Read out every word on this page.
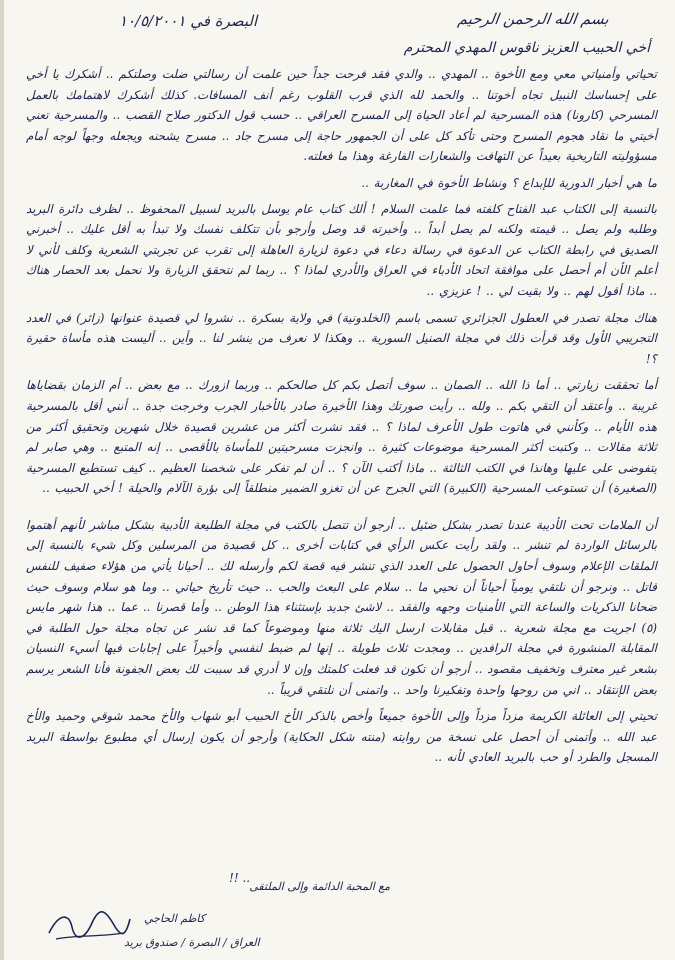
البصرة في ١٠/٥/٢٠٠١	بسم الله الرحمن الرحيم
أخي الحبيب العزيز ناقوس المهدي المحترم

تحياتي وأمنياتي معي ومع الأخوة .. المهدي .. والدي فقد فرحت جداً حين علمت أن رسالتي ضلت وصلتكم .. أشكرك يا أخي على إحساسك النبيل تجاه أخوتنا .. والحمد لله الذي قرب القلوب رغم أنف المسافات. كذلك أشكرك لاهتمامك بالعمل المسرحي (كارونا) هذه المسرحية لم أعاد الحياة إلى المسرح العراقي .. حسب قول الدكتور صلاح القصب .. والمسرحية تعني أخيتي ما نقاد هجوم المسرح وحتى تأكد كل على أن الجمهور حاجة إلى مسرح جاد .. مسرح يشحنه ويجعله وجهاً لوجه أمام مسؤوليته التاريخية بعيداً عن التهافت والشعارات الفارغة وهذا ما فعلته.

ما هي أخبار الدورية للإبداع ؟ ونشاط الأخوة في المغاربة ..

بالنسبة إلى الكتاب عبد الفتاح كلفته فما علمت السلام ! ألك كتاب عام يوسل بالبريد لسبيل المحفوظ .. لظرف دائرة البريد وطلبه ولم يصل .. قيمته ولكنه لم يصل أبداً .. وأخبرته قد وصل وأرجو بأن تتكلف نفسك ولا تبدأ به أقل عليك .. أخبرني الصديق في رابطة الكتاب عن الدعوة في رسالة دعاء في دعوة لزيارة العاهلة إلى تقرب عن تجربتي الشعرية وكلف لأني لا أعلم الأن أم أحصل على موافقة اتحاد الأدباء في العراق والأدري لماذا ؟ .. ربما لم نتحقق الزيارة ولا نحمل بعد الحصار هناك .. ماذا أقول لهم .. ولا بقيت لي .. ! عزيزي ..

هناك مجلة تصدر في العطول الجزائري تسمى باسم (الخلدونية) في ولاية بسكرة .. نشروا لي قصيدة عنوانها (زائر) في العدد التجريبي الأول وقد قرأت ذلك في مجلة الصنيل السورية .. وهكذا لا نعرف من ينشر لنا .. وأين .. أليست هذه مأساة حقيرة ؟!

أما تحققت زيارتي .. أما ذا الله .. الصمان .. سوف أتصل بكم كل صالحكم .. وربما ازورك .. مع بعض .. أم الزمان بقضاياها غريبة .. وأعتقد أن التقي بكم .. ولله .. رأيت صورتك وهذا الأخيرة صادر بالأخبار الجرب وخرجت جدة .. أنني أقل بالمسرحية هذه الأيام .. وكأنني في هاتوت طول الأعرف لماذا ؟ .. فقد نشرت أكثر من عشرين قصيدة خلال شهرين وتحقيق أكثر من ثلاثة مقالات .. وكتبت أكثر المسرحية موضوعات كثيرة .. وانجزت مسرحيتين للمأساة بالأقصى .. إنه المتبع .. وهي صابر لم يتفوضى على عليها وهانذا في الكتب الثالثة .. ماذا أكتب الآن ؟ .. أن لم تفكر على شخصنا العظيم .. كيف تستطيع المسرحية (الصغيرة) أن تستوعب المسرحية (الكبيرة) التي الجرح عن أن تغزو الضمير منطلقاً إلى بؤرة الآلام والحيلة ! أخي الحبيب ..

أن الملامات تحت الأديبة عندنا تصدر بشكل ضئيل .. أرجو أن تتصل بالكتب في مجلة الطليعة الأدبية بشكل مباشر لأنهم أهتموا بالرسائل الواردة لم تنشر .. ولقد رأيت عكس الرأي في كتابات أخرى .. كل قصيدة من المرسلين وكل شيء بالنسبة إلى الملقات الإعلام وسوف أحاول الحصول على العدد الذي تنشر فيه قصة لكم وأرسله لك .. أحيانا يأتي من هؤلاء صفيف للنفس قاتل .. ونرجو أن نلتقي يومياً أحياناً أن نحيي ما .. سلام على البعث والحب .. حيث تأريخ حياتي .. وما هو سلام وسوف حيث ضحانا الذكريات والساعة التي الأمنيات وجهه والفقد .. لاشئ جديد بإستثناء هذا الوطن .. وأما قصرنا .. عما .. هذا شهر مايس (٥) اجريت مع مجلة شعرية .. قبل مقابلات ارسل اليك ثلاثة منها وموضوعاً كما قد نشر عن تجاه مجلة حول الطلبة في المقابلة المنشورة في مجلة الرافدين .. ومجدت ثلاث طويلة .. إنها لم ضبط لنفسي وأخيراً على إجابات فيها أسيء النسيان بشعر غير معترف وتخفيف مقصود .. أرجو أن تكون قد فعلت كلمتك وإن لا أدري قد سببت لك بعض الجفونة فأنا الشعر يرسم بعض الإنتقاد .. اني من روحها واحدة وتفكيرنا واحد .. واتمنى أن نلتقي قريباً ..

تحيتي إلى العائلة الكريمة مزداً مزداً وإلى الأخوة جميعاً وأخص بالذكر الأخ الحبيب أبو شهاب والأخ محمد شوقي وحميد والأخ عبد الله .. وأتمنى أن أحصل على نسخة من روايته (منته شكل الحكاية) وأرجو أن يكون إرسال أي مطبوع بواسطة البريد المسجل والطرد أو حب بالبريد العادي لأنه ..

!! ..
مع المحبة الدائمة وإلى الملتقى
كاظم الحاجي
العراق / البصرة / صندوق بريد
